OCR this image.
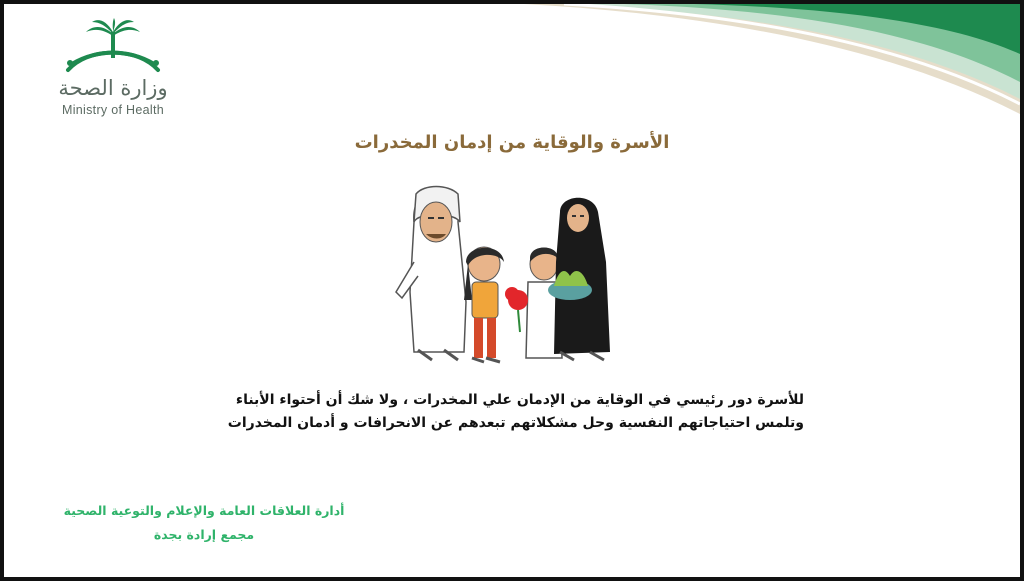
وزارة الصحة
Ministry of Health
الأسرة والوقاية من إدمان المخدرات
للأسرة دور رئيسي في الوقاية من الإدمان علي المخدرات ، ولا شك أن أحتواء الأبناء
وتلمس احتياجاتهم النفسية وحل مشكلاتهم تبعدهم عن الانحرافات و أدمان المخدرات
أدارة العلاقات العامة والإعلام والتوعية الصحية
مجمع إرادة بجدة
